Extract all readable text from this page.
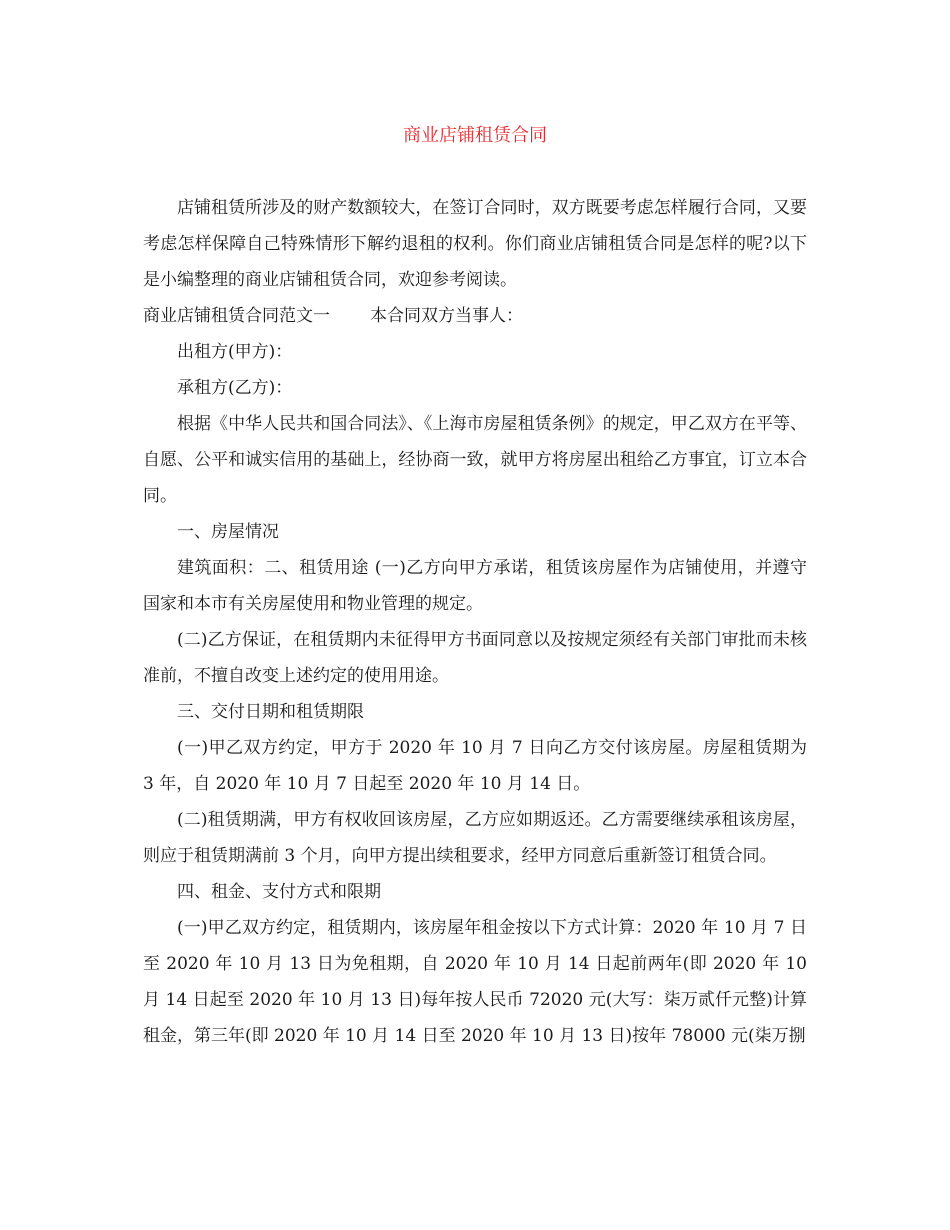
商业店铺租赁合同

店铺租赁所涉及的财产数额较大，在签订合同时，双方既要考虑怎样履行合同，又要考虑怎样保障自己特殊情形下解约退租的权利。你们商业店铺租赁合同是怎样的呢?以下是小编整理的商业店铺租赁合同，欢迎参考阅读。

商业店铺租赁合同范文一 本合同双方当事人：

出租方(甲方)：

承租方(乙方)：

根据《中华人民共和国合同法》、《上海市房屋租赁条例》的规定，甲乙双方在平等、自愿、公平和诚实信用的基础上，经协商一致，就甲方将房屋出租给乙方事宜，订立本合同。

一、房屋情况

建筑面积：二、租赁用途 (一)乙方向甲方承诺，租赁该房屋作为店铺使用，并遵守国家和本市有关房屋使用和物业管理的规定。

(二)乙方保证，在租赁期内未征得甲方书面同意以及按规定须经有关部门审批而未核准前，不擅自改变上述约定的使用用途。

三、交付日期和租赁期限

(一)甲乙双方约定，甲方于 2020 年 10 月 7 日向乙方交付该房屋。房屋租赁期为 3 年，自 2020 年 10 月 7 日起至 2020 年 10 月 14 日。

(二)租赁期满，甲方有权收回该房屋，乙方应如期返还。乙方需要继续承租该房屋，则应于租赁期满前 3 个月，向甲方提出续租要求，经甲方同意后重新签订租赁合同。

四、租金、支付方式和限期

(一)甲乙双方约定，租赁期内，该房屋年租金按以下方式计算：2020 年 10 月 7 日至 2020 年 10 月 13 日为免租期，自 2020 年 10 月 14 日起前两年(即 2020 年 10 月 14 日起至 2020 年 10 月 13 日)每年按人民币 72020 元(大写：柒万贰仟元整)计算租金，第三年(即 2020 年 10 月 14 日至 2020 年 10 月 13 日)按年 78000 元(柒万捌
